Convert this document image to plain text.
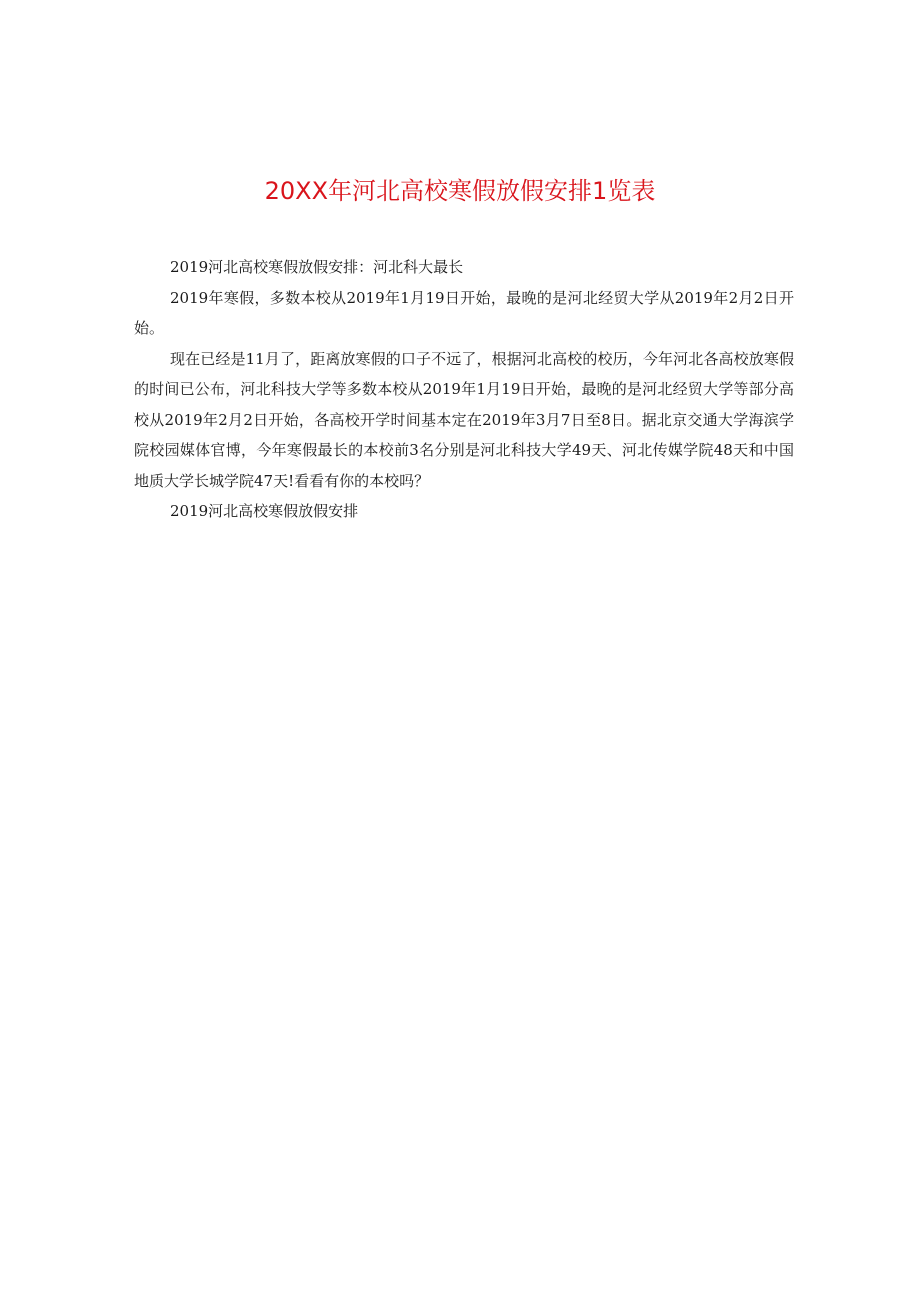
20XX年河北高校寒假放假安排1览表

2019河北高校寒假放假安排：河北科大最长

2019年寒假，多数本校从2019年1月19日开始，最晚的是河北经贸大学从2019年2月2日开始。

现在已经是11月了，距离放寒假的口子不远了，根据河北高校的校历，今年河北各高校放寒假的时间已公布，河北科技大学等多数本校从2019年1月19日开始，最晚的是河北经贸大学等部分高校从2019年2月2日开始，各高校开学时间基本定在2019年3月7日至8日。据北京交通大学海滨学院校园媒体官博，今年寒假最长的本校前3名分别是河北科技大学49天、河北传媒学院48天和中国地质大学长城学院47天!看看有你的本校吗？

2019河北高校寒假放假安排
